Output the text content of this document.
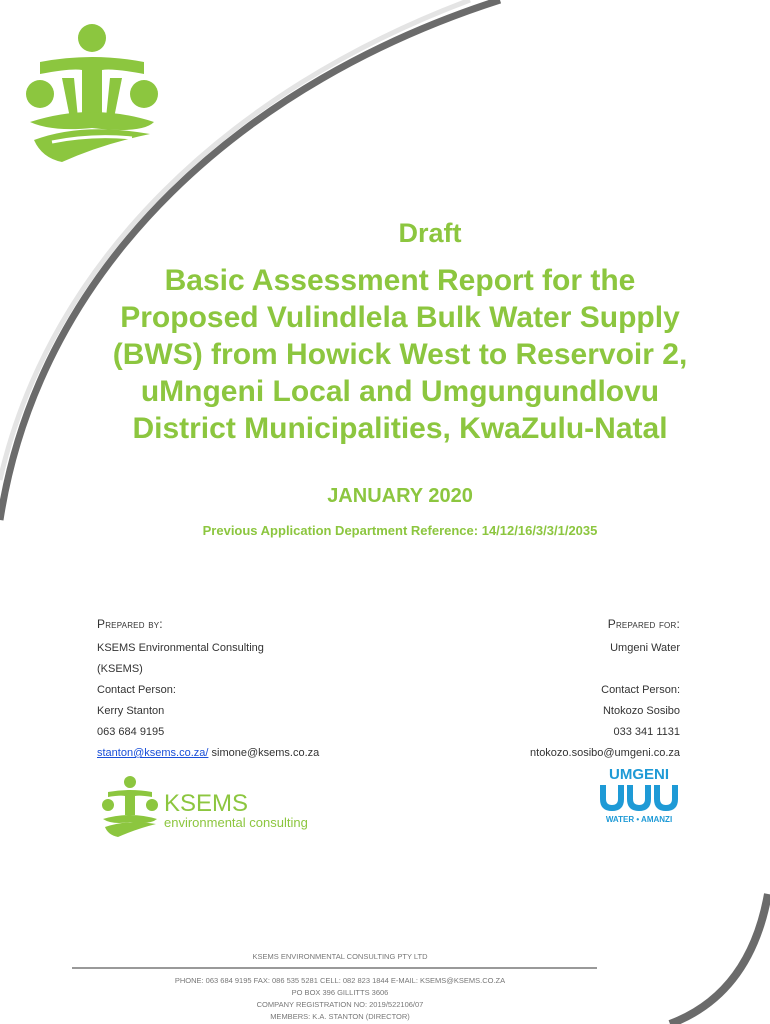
Draft
Basic Assessment Report for the
Proposed Vulindlela Bulk Water Supply
(BWS) from Howick West to Reservoir 2,
uMngeni Local and Umgungundlovu
District Municipalities, KwaZulu-Natal
JANUARY 2020
Previous Application Department Reference: 14/12/16/3/3/1/2035
Prepared by:
KSEMS Environmental Consulting
(KSEMS)
Contact Person:
Kerry Stanton
063 684 9195
stanton@ksems.co.za/ simone@ksems.co.za
Prepared for:
Umgeni Water

Contact Person:
Ntokozo Sosibo
033 341 1131
ntokozo.sosibo@umgeni.co.za
KSEMS
environmental consulting
UMGENI
WATER • AMANZI
KSEMS ENVIRONMENTAL CONSULTING PTY LTD
PHONE: 063 684 9195 FAX: 086 535 5281 CELL: 082 823 1844 E-MAIL: KSEMS@KSEMS.CO.ZA
PO BOX 396 GILLITTS 3606
COMPANY REGISTRATION NO: 2019/522106/07
MEMBERS: K.A. STANTON (DIRECTOR)
